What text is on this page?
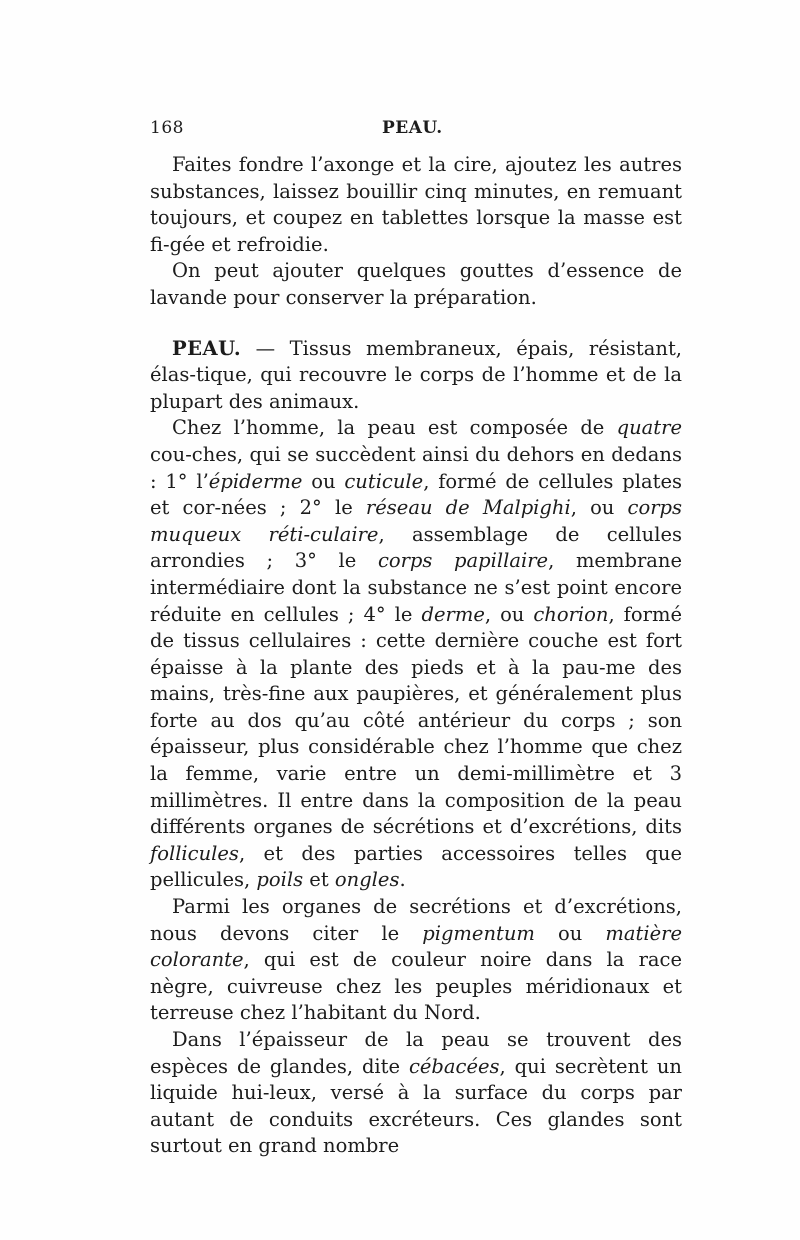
168	PEAU.

Faites fondre l’axonge et la cire, ajoutez les autres substances, laissez bouillir cinq minutes, en remuant toujours, et coupez en tablettes lorsque la masse est fi-gée et refroidie.

On peut ajouter quelques gouttes d’essence de lavande pour conserver la préparation.

PEAU. — Tissus membraneux, épais, résistant, élas-tique, qui recouvre le corps de l’homme et de la plupart des animaux.

Chez l’homme, la peau est composée de quatre cou-ches, qui se succèdent ainsi du dehors en dedans : 1° l’épiderme ou cuticule, formé de cellules plates et cor-nées ; 2° le réseau de Malpighi, ou corps muqueux réti-culaire, assemblage de cellules arrondies ; 3° le corps papillaire, membrane intermédiaire dont la substance ne s’est point encore réduite en cellules ; 4° le derme, ou chorion, formé de tissus cellulaires : cette dernière couche est fort épaisse à la plante des pieds et à la pau-me des mains, très-fine aux paupières, et généralement plus forte au dos qu’au côté antérieur du corps ; son épaisseur, plus considérable chez l’homme que chez la femme, varie entre un demi-millimètre et 3 millimètres. Il entre dans la composition de la peau différents organes de sécrétions et d’excrétions, dits follicules, et des parties accessoires telles que pellicules, poils et ongles.

Parmi les organes de secrétions et d’excrétions, nous devons citer le pigmentum ou matière colorante, qui est de couleur noire dans la race nègre, cuivreuse chez les peuples méridionaux et terreuse chez l’habitant du Nord.

Dans l’épaisseur de la peau se trouvent des espèces de glandes, dite cébacées, qui secrètent un liquide hui-leux, versé à la surface du corps par autant de conduits excréteurs. Ces glandes sont surtout en grand nombre
